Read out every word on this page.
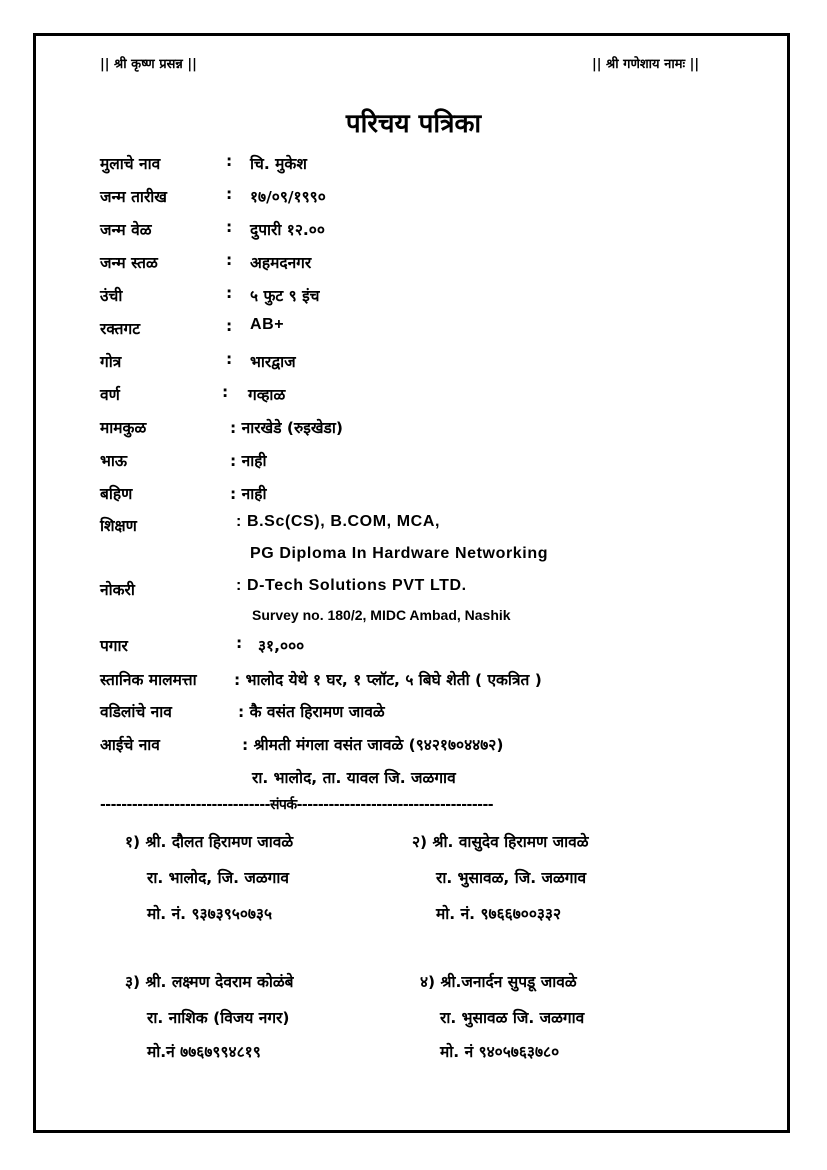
|| श्री कृष्ण प्रसन्न ||	|| श्री गणेशाय नामः ||
परिचय पत्रिका
मुलाचे नाव	: चि. मुकेश
जन्म तारीख	: १७/०९/१९९०
जन्म वेळ	: दुपारी १२.००
जन्म स्तळ	: अहमदनगर
उंची	: ५ फुट ९ इंच
रक्तगट	: AB+
गोत्र	: भारद्वाज
वर्ण	: गव्हाळ
मामकुळ	: नारखेडे (रुइखेडा)
भाऊ	: नाही
बहिण	: नाही
शिक्षण	: B.Sc(CS), B.COM, MCA,
PG Diploma In Hardware Networking
नोकरी	: D-Tech Solutions PVT LTD.
Survey no. 180/2, MIDC Ambad, Nashik
पगार	: ३१,०००
स्तानिक मालमत्ता : भालोद येथे १ घर, १ प्लॉट, ५ बिघे शेती ( एकत्रित )
वडिलांचे नाव	: कै वसंत हिरामण जावळे
आईचे नाव	: श्रीमती मंगला वसंत जावळे (९४२१७०४४७२)
रा. भालोद, ता. यावल जि. जळगाव
--------------------------------संपर्क-------------------------------------
१) श्री. दौलत हिरामण जावळे
रा. भालोद, जि. जळगाव
मो. नं. ९३७३९५०७३५
२) श्री. वासुदेव हिरामण जावळे
रा. भुसावळ, जि. जळगाव
मो. नं. ९७६६७००३३२
३) श्री. लक्ष्मण देवराम कोळंबे
रा. नाशिक (विजय नगर)
मो.नं ७७६७९९४८१९
४) श्री.जनार्दन सुपडू जावळे
रा. भुसावळ जि. जळगाव
मो. नं ९४०५७६३७८०
